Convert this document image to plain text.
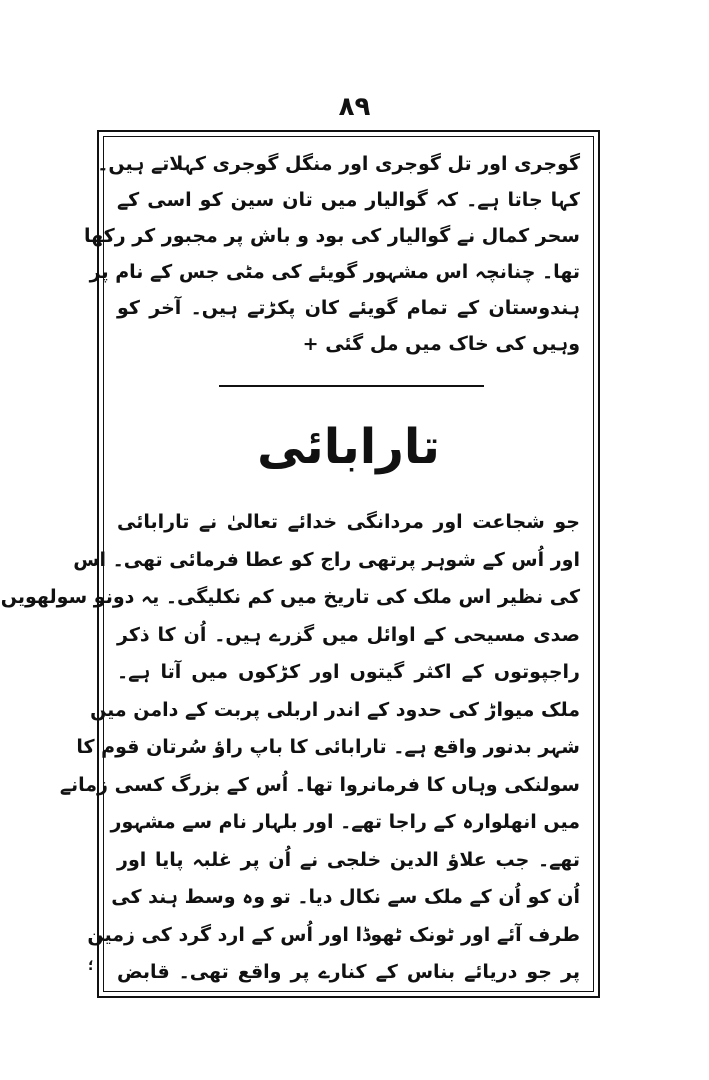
۸۹
گوجری اور تل گوجری اور منگل گوجری کہلاتے ہیں۔
کہا جاتا ہے۔ کہ گوالیار میں تان سین کو اسی کے
سحر کمال نے گوالیار کی بود و باش پر مجبور کر رکھا
تھا۔ چنانچہ اس مشہور گویئے کی مٹی جس کے نام پر
ہندوستان کے تمام گویئے کان پکڑتے ہیں۔ آخر کو
وہیں کی خاک میں مل گئی +
تارابائی
جو شجاعت اور مردانگی خدائے تعالیٰ نے تارابائی
اور اُس کے شوہر پرتھی راج کو عطا فرمائی تھی۔ اس
کی نظیر اس ملک کی تاریخ میں کم نکلیگی۔ یہ دونو سولھویں
صدی مسیحی کے اوائل میں گزرے ہیں۔ اُن کا ذکر
راجپوتوں کے اکثر گیتوں اور کڑکوں میں آتا ہے۔
ملک میواڑ کی حدود کے اندر اربلی پربت کے دامن میں
شہر بدنور واقع ہے۔ تارابائی کا باپ راؤ سُرتان قوم کا
سولنکی وہاں کا فرمانروا تھا۔ اُس کے بزرگ کسی زمانے
میں انھلوارہ کے راجا تھے۔ اور بلہار نام سے مشہور
تھے۔ جب علاؤ الدین خلجی نے اُن پر غلبہ پایا اور
اُن کو اُن کے ملک سے نکال دیا۔ تو وہ وسط ہند کی
طرف آئے اور ٹونک ٹھوڈا اور اُس کے ارد گرد کی زمین
پر جو دریائے بناس کے کنارے پر واقع تھی۔ قابض
؛
